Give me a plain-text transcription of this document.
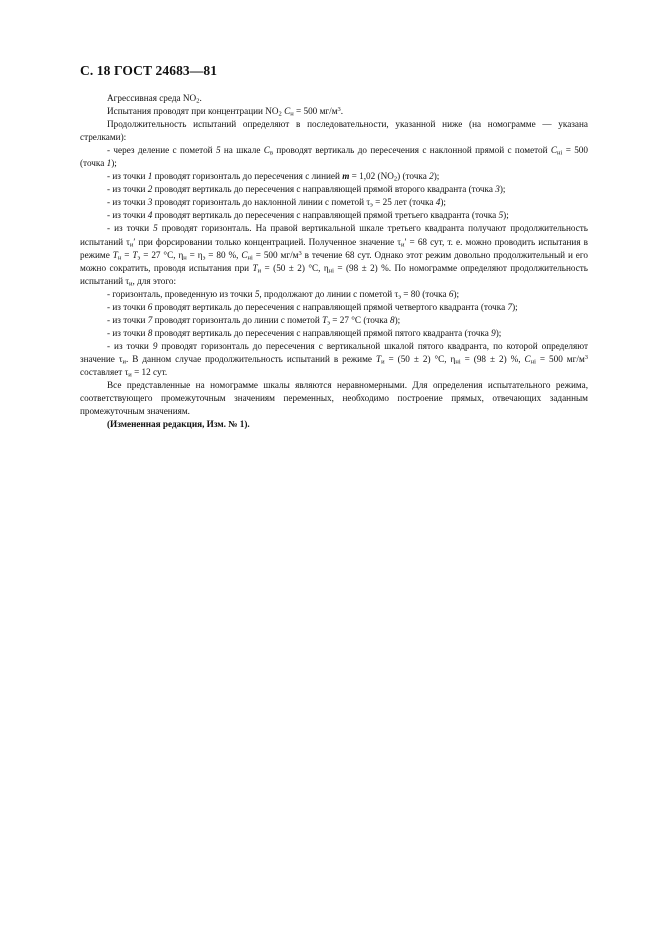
С. 18 ГОСТ 24683—81

Агрессивная среда $NO_2$.

Испытания проводят при концентрации $NO_2$ $C_н = 500$ $мг/м^3$.

Продолжительность испытаний определяют в последовательности, указанной ниже (на номограмме — указана стрелками):

- через деление с пометой 5 на шкале $C_в$ проводят вертикаль до пересечения с наклонной прямой с пометой $C_{нi} = 500$ (точка 1);

- из точки 1 проводят горизонталь до пересечения с линией m = 1,02 $(NO_2)$ (точка 2);

- из точки 2 проводят вертикаль до пересечения с направляющей прямой второго квадранта (точка 3);

- из точки 3 проводят горизонталь до наклонной линии с пометой $\tau_э = 25$ лет (точка 4);

- из точки 4 проводят вертикаль до пересечения с направляющей прямой третьего квадранта (точка 5);

- из точки 5 проводят горизонталь. На правой вертикальной шкале третьего квадранта получают продолжительность испытаний $\tau_и'$ при форсировании только концентрацией. Полученное значение $\tau_и' = 68$ сут, т. е. можно проводить испытания в режиме $T_н = T_э = 27$ °С, $\eta_н = \eta_э = 80$ %, $C_{нi} = 500$ $мг/м^3$ в течение 68 сут. Однако этот режим довольно продолжительный и его можно сократить, проводя испытания при $T_и = (50 \pm 2)$ °С, $\eta_{нi} = (98 \pm 2)$ %. По номограмме определяют продолжительность испытаний $\tau_и$, для этого:

- горизонталь, проведенную из точки 5, продолжают до линии с пометой $\tau_э = 80$ (точка 6);

- из точки 6 проводят вертикаль до пересечения с направляющей прямой четвертого квадранта (точка 7);

- из точки 7 проводят горизонталь до линии с пометой $T_э = 27$ °С (точка 8);

- из точки 8 проводят вертикаль до пересечения с направляющей прямой пятого квадранта (точка 9);

- из точки 9 проводят горизонталь до пересечения с вертикальной шкалой пятого квадранта, по которой определяют значение $\tau_и$. В данном случае продолжительность испытаний в режиме $T_и = (50 \pm 2)$ °С, $\eta_{нi} = (98 \pm 2)$ %, $C_{нi} = 500$ $мг/м^3$ составляет $\tau_и = 12$ сут.

Все представленные на номограмме шкалы являются неравномерными. Для определения испытательного режима, соответствующего промежуточным значениям переменных, необходимо построение прямых, отвечающих заданным промежуточным значениям.

(Измененная редакция, Изм. № 1).
